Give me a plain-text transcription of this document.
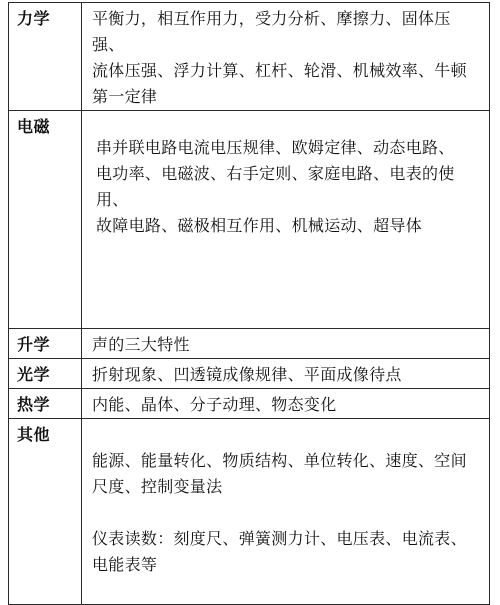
力学	平衡力，相互作用力，受力分析、摩擦力、固体压强、
流体压强、浮力计算、杠杆、轮滑、机械效率、牛顿
第一定律
电磁	串并联电路电流电压规律、欧姆定律、动态电路、
电功率、电磁波、右手定则、家庭电路、电表的使用、
故障电路、磁极相互作用、机械运动、超导体
升学	声的三大特性
光学	折射现象、凹透镜成像规律、平面成像待点
热学	内能、晶体、分子动理、物态变化
其他	能源、能量转化、物质结构、单位转化、速度、空间
尺度、控制变量法

仪表读数：刻度尺、弹簧测力计、电压表、电流表、
电能表等
